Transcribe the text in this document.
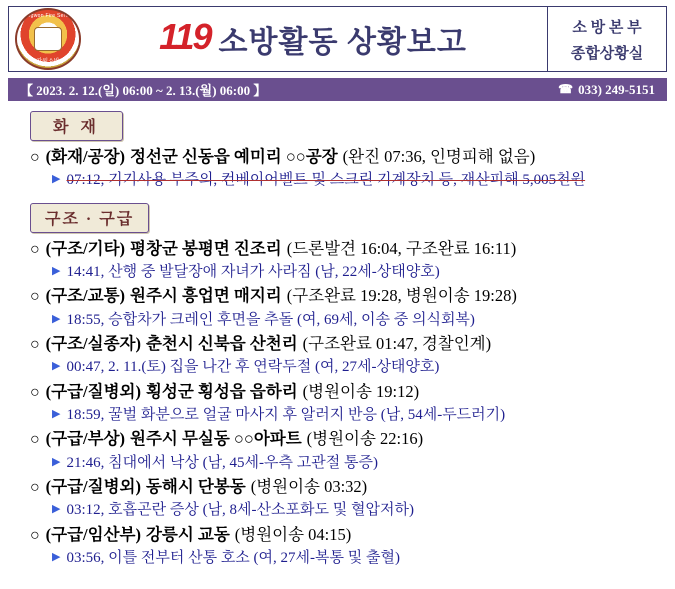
Gangwon Fire Service
강원소방
119 소방활동 상황보고	소 방 본 부
종합상황실
【 2023. 2. 12.(일) 06:00 ~ 2. 13.(월) 06:00 】	☎ 033) 249-5151
화 재
○ (화재/공장) 정선군 신동읍 예미리 ○○공장 (완진 07:36, 인명피해 없음)
▶ 07:12, 기기사용 부주의, 컨베이어벨트 및 스크린 기계장치 등, 재산피해 5,005천원
구조 · 구급
○ (구조/기타) 평창군 봉평면 진조리 (드론발견 16:04, 구조완료 16:11)
▶ 14:41, 산행 중 발달장애 자녀가 사라짐 (남, 22세-상태양호)
○ (구조/교통) 원주시 흥업면 매지리 (구조완료 19:28, 병원이송 19:28)
▶ 18:55, 승합차가 크레인 후면을 추돌 (여, 69세, 이송 중 의식회복)
○ (구조/실종자) 춘천시 신북읍 산천리 (구조완료 01:47, 경찰인계)
▶ 00:47, 2. 11.(토) 집을 나간 후 연락두절 (여, 27세-상태양호)
○ (구급/질병외) 횡성군 횡성읍 읍하리 (병원이송 19:12)
▶ 18:59, 꿀벌 화분으로 얼굴 마사지 후 알러지 반응 (남, 54세-두드러기)
○ (구급/부상) 원주시 무실동 ○○아파트 (병원이송 22:16)
▶ 21:46, 침대에서 낙상 (남, 45세-우측 고관절 통증)
○ (구급/질병외) 동해시 단봉동 (병원이송 03:32)
▶ 03:12, 호흡곤란 증상 (남, 8세-산소포화도 및 혈압저하)
○ (구급/임산부) 강릉시 교동 (병원이송 04:15)
▶ 03:56, 이틀 전부터 산통 호소 (여, 27세-복통 및 출혈)
